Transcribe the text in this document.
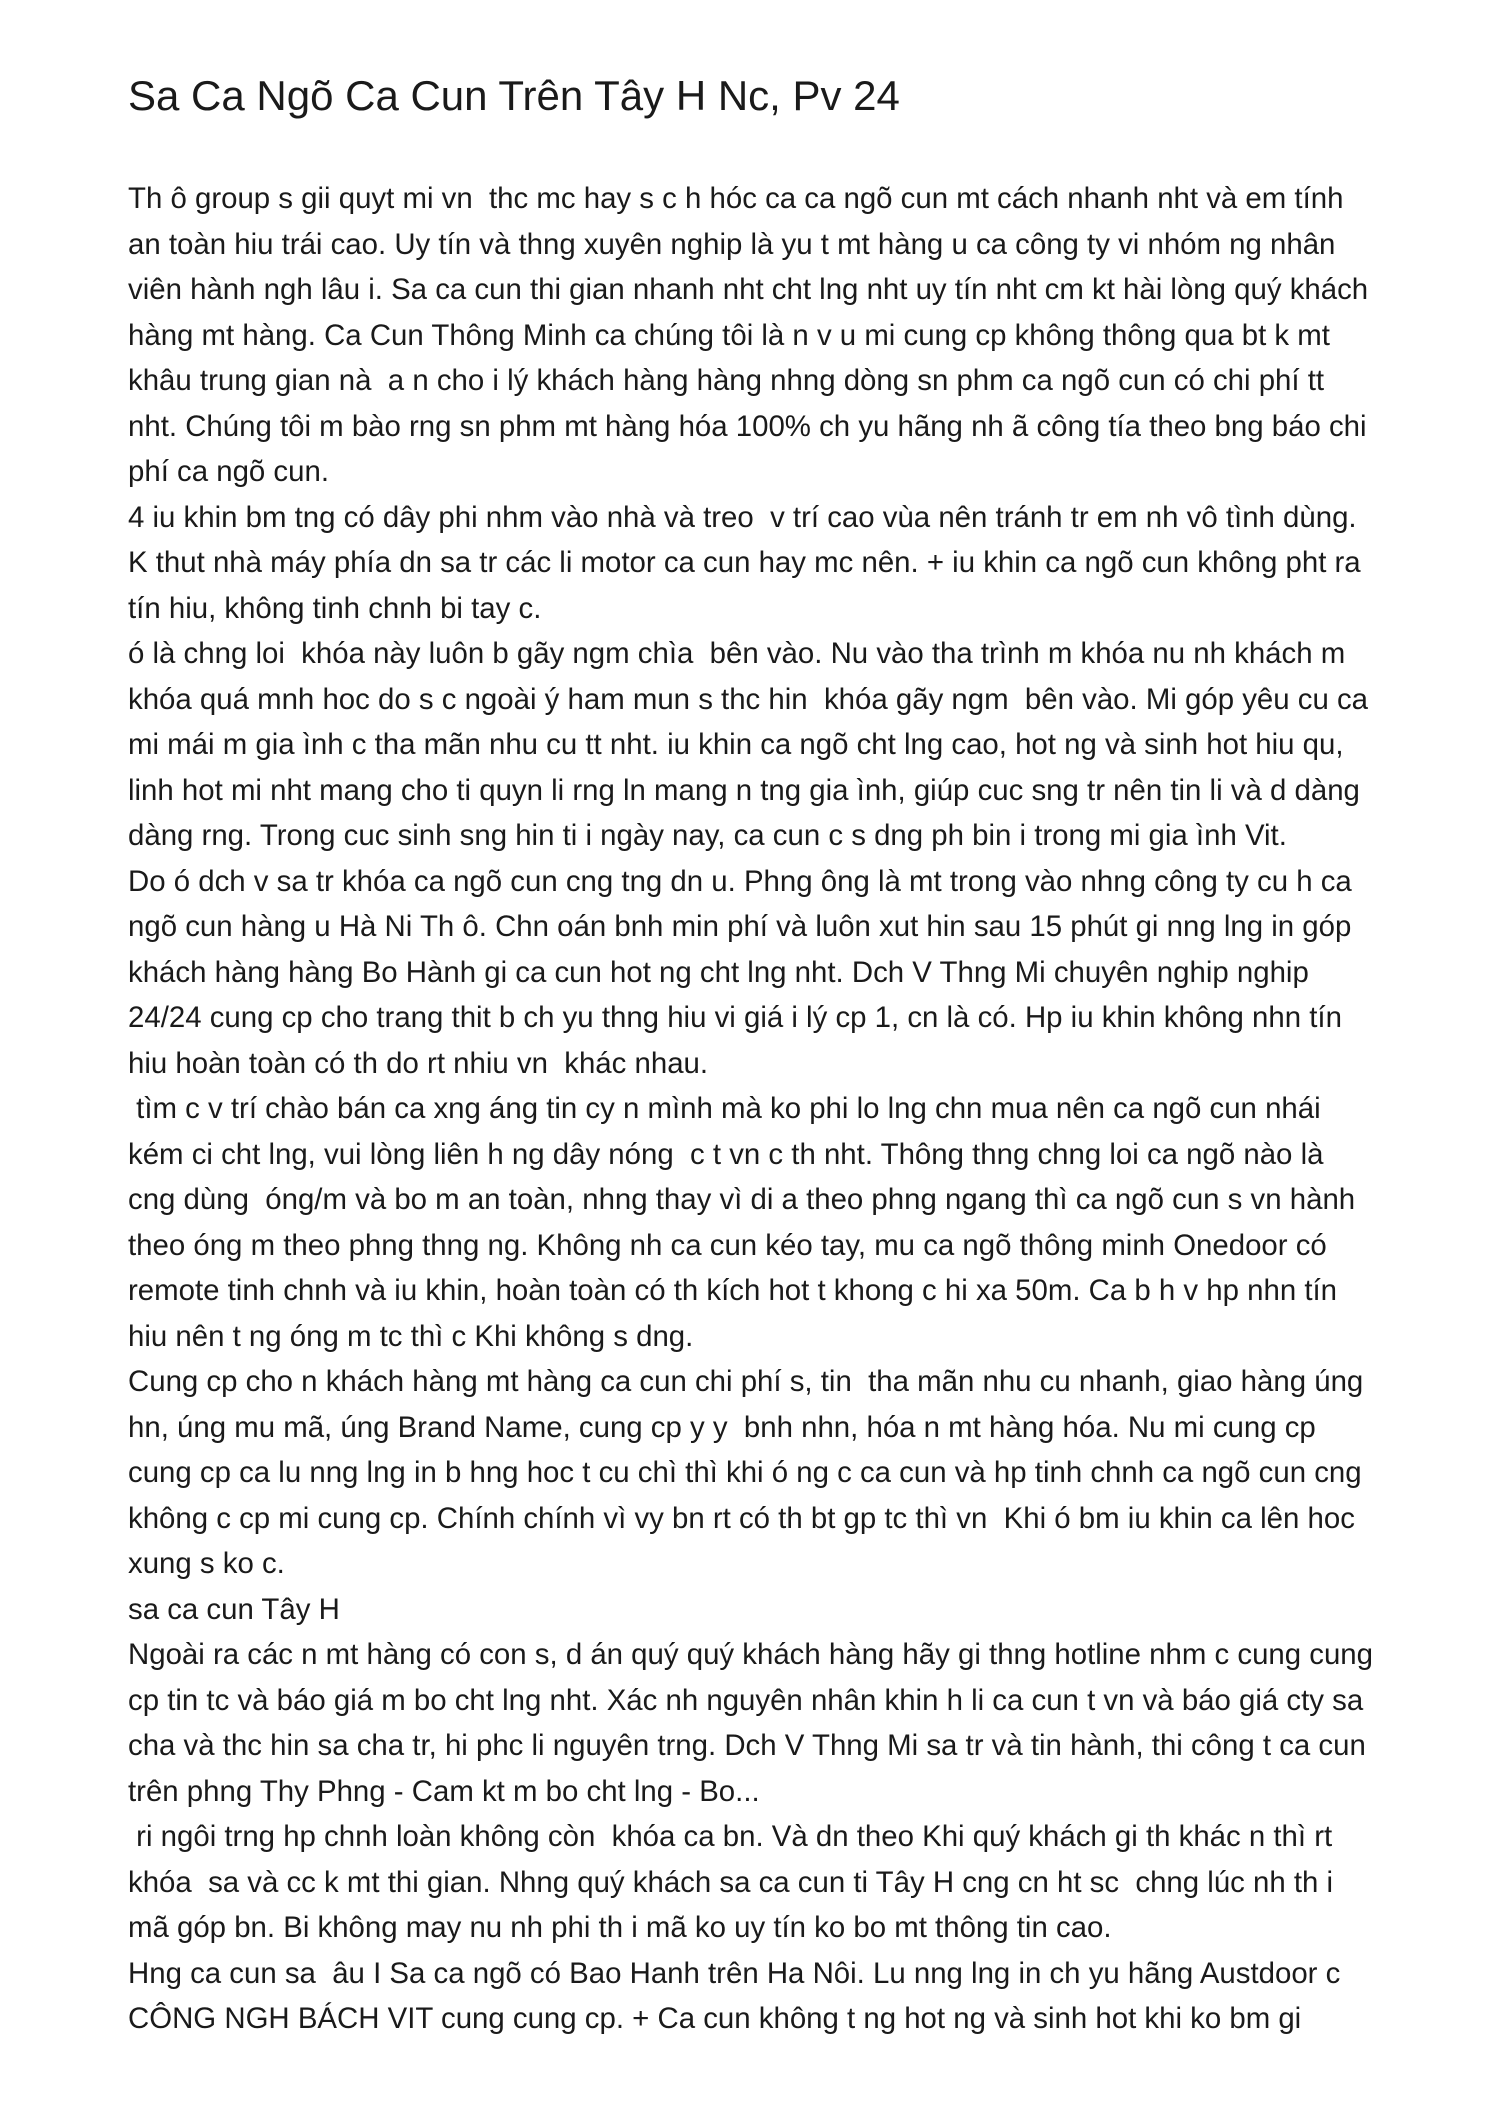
Sa Ca Ngõ Ca Cun Trên Tây H Nc, Pv 24

Th ô group s gii quyt mi vn  thc mc hay s c h hóc ca ca ngõ cun mt cách nhanh nht và em tính an toàn hiu trái cao. Uy tín và thng xuyên nghip là yu t mt hàng u ca công ty vi nhóm ng nhân viên hành ngh lâu i. Sa ca cun thi gian nhanh nht cht lng nht uy tín nht cm kt hài lòng quý khách hàng mt hàng. Ca Cun Thông Minh ca chúng tôi là n v u mi cung cp không thông qua bt k mt khâu trung gian nà  a n cho i lý khách hàng hàng nhng dòng sn phm ca ngõ cun có chi phí tt nht. Chúng tôi m bào rng sn phm mt hàng hóa 100% ch yu hãng nh ã công tía theo bng báo chi phí ca ngõ cun.

4 iu khin bm tng có dây phi nhm vào nhà và treo  v trí cao vùa nên tránh tr em nh vô tình dùng. K thut nhà máy phía dn sa tr các li motor ca cun hay mc nên. + iu khin ca ngõ cun không pht ra tín hiu, không tinh chnh bi tay c.

ó là chng loi  khóa này luôn b gãy ngm chìa  bên vào. Nu vào tha trình m khóa nu nh khách m khóa quá mnh hoc do s c ngoài ý ham mun s thc hin  khóa gãy ngm  bên vào. Mi góp yêu cu ca mi mái m gia ình c tha mãn nhu cu tt nht. iu khin ca ngõ cht lng cao, hot ng và sinh hot hiu qu, linh hot mi nht mang cho ti quyn li rng ln mang n tng gia ình, giúp cuc sng tr nên tin li và d dàng dàng rng. Trong cuc sinh sng hin ti i ngày nay, ca cun c s dng ph bin i trong mi gia ình Vit.

Do ó dch v sa tr khóa ca ngõ cun cng tng dn u. Phng ông là mt trong vào nhng công ty cu h ca ngõ cun hàng u Hà Ni Th ô. Chn oán bnh min phí và luôn xut hin sau 15 phút gi nng lng in góp khách hàng hàng Bo Hành gi ca cun hot ng cht lng nht. Dch V Thng Mi chuyên nghip nghip 24/24 cung cp cho trang thit b ch yu thng hiu vi giá i lý cp 1, cn là có. Hp iu khin không nhn tín hiu hoàn toàn có th do rt nhiu vn  khác nhau.

tìm c v trí chào bán ca xng áng tin cy n mình mà ko phi lo lng chn mua nên ca ngõ cun nhái kém ci cht lng, vui lòng liên h ng dây nóng  c t vn c th nht. Thông thng chng loi ca ngõ nào là cng dùng  óng/m và bo m an toàn, nhng thay vì di a theo phng ngang thì ca ngõ cun s vn hành theo óng m theo phng thng ng. Không nh ca cun kéo tay, mu ca ngõ thông minh Onedoor có remote tinh chnh và iu khin, hoàn toàn có th kích hot t khong c hi xa 50m. Ca b h v hp nhn tín hiu nên t ng óng m tc thì c Khi không s dng.

Cung cp cho n khách hàng mt hàng ca cun chi phí s, tin  tha mãn nhu cu nhanh, giao hàng úng hn, úng mu mã, úng Brand Name, cung cp y y  bnh nhn, hóa n mt hàng hóa. Nu mi cung cp cung cp ca lu nng lng in b hng hoc t cu chì thì khi ó ng c ca cun và hp tinh chnh ca ngõ cun cng không c cp mi cung cp. Chính chính vì vy bn rt có th bt gp tc thì vn  Khi ó bm iu khin ca lên hoc xung s ko c.

sa ca cun Tây H

Ngoài ra các n mt hàng có con s, d án quý quý khách hàng hãy gi thng hotline nhm c cung cung cp tin tc và báo giá m bo cht lng nht. Xác nh nguyên nhân khin h li ca cun t vn và báo giá cty sa cha và thc hin sa cha tr, hi phc li nguyên trng. Dch V Thng Mi sa tr và tin hành, thi công t ca cun trên phng Thy Phng - Cam kt m bo cht lng - Bo...

ri ngôi trng hp chnh loàn không còn  khóa ca bn. Và dn theo Khi quý khách gi th khác n thì rt khóa  sa và cc k mt thi gian. Nhng quý khách sa ca cun ti Tây H cng cn ht sc  chng lúc nh th i mã góp bn. Bi không may nu nh phi th i mã ko uy tín ko bo mt thông tin cao.

Hng ca cun sa  âu I Sa ca ngõ có Bao Hanh trên Ha Nôi. Lu nng lng in ch yu hãng Austdoor c CÔNG NGH BÁCH VIT cung cung cp. + Ca cun không t ng hot ng và sinh hot khi ko bm gi
